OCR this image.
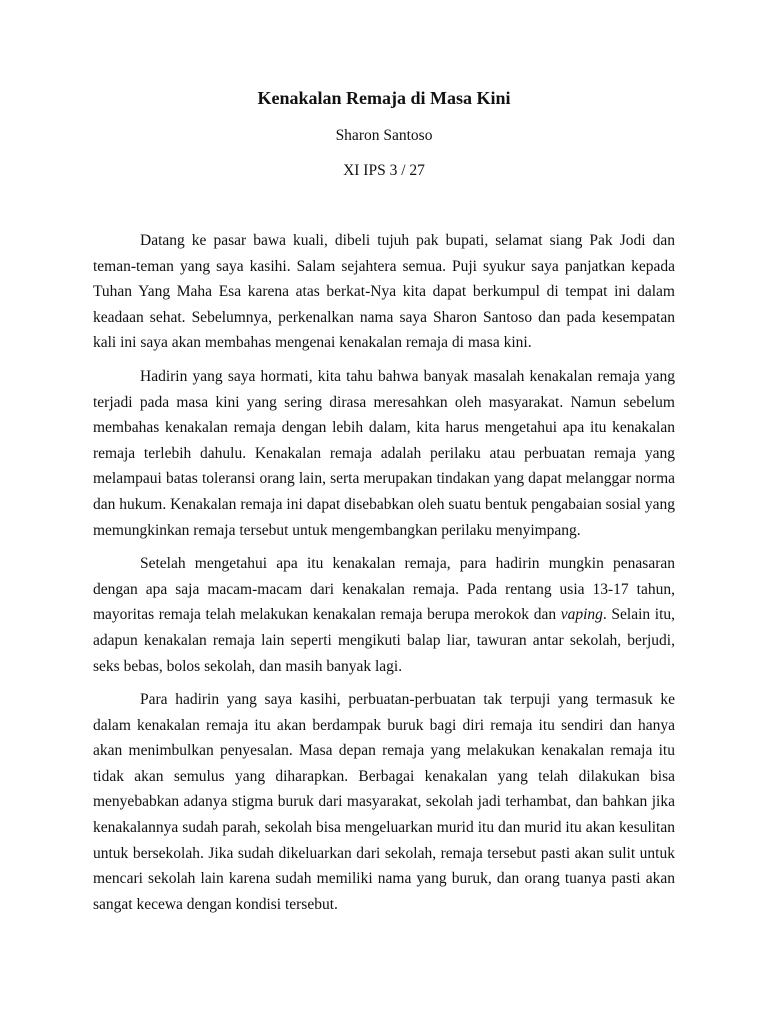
Kenakalan Remaja di Masa Kini
Sharon Santoso
XI IPS 3 / 27

Datang ke pasar bawa kuali, dibeli tujuh pak bupati, selamat siang Pak Jodi dan teman-teman yang saya kasihi. Salam sejahtera semua. Puji syukur saya panjatkan kepada Tuhan Yang Maha Esa karena atas berkat-Nya kita dapat berkumpul di tempat ini dalam keadaan sehat. Sebelumnya, perkenalkan nama saya Sharon Santoso dan pada kesempatan kali ini saya akan membahas mengenai kenakalan remaja di masa kini.

Hadirin yang saya hormati, kita tahu bahwa banyak masalah kenakalan remaja yang terjadi pada masa kini yang sering dirasa meresahkan oleh masyarakat. Namun sebelum membahas kenakalan remaja dengan lebih dalam, kita harus mengetahui apa itu kenakalan remaja terlebih dahulu. Kenakalan remaja adalah perilaku atau perbuatan remaja yang melampaui batas toleransi orang lain, serta merupakan tindakan yang dapat melanggar norma dan hukum. Kenakalan remaja ini dapat disebabkan oleh suatu bentuk pengabaian sosial yang memungkinkan remaja tersebut untuk mengembangkan perilaku menyimpang.

Setelah mengetahui apa itu kenakalan remaja, para hadirin mungkin penasaran dengan apa saja macam-macam dari kenakalan remaja. Pada rentang usia 13-17 tahun, mayoritas remaja telah melakukan kenakalan remaja berupa merokok dan vaping. Selain itu, adapun kenakalan remaja lain seperti mengikuti balap liar, tawuran antar sekolah, berjudi, seks bebas, bolos sekolah, dan masih banyak lagi.

Para hadirin yang saya kasihi, perbuatan-perbuatan tak terpuji yang termasuk ke dalam kenakalan remaja itu akan berdampak buruk bagi diri remaja itu sendiri dan hanya akan menimbulkan penyesalan. Masa depan remaja yang melakukan kenakalan remaja itu tidak akan semulus yang diharapkan. Berbagai kenakalan yang telah dilakukan bisa menyebabkan adanya stigma buruk dari masyarakat, sekolah jadi terhambat, dan bahkan jika kenakalannya sudah parah, sekolah bisa mengeluarkan murid itu dan murid itu akan kesulitan untuk bersekolah. Jika sudah dikeluarkan dari sekolah, remaja tersebut pasti akan sulit untuk mencari sekolah lain karena sudah memiliki nama yang buruk, dan orang tuanya pasti akan sangat kecewa dengan kondisi tersebut.
